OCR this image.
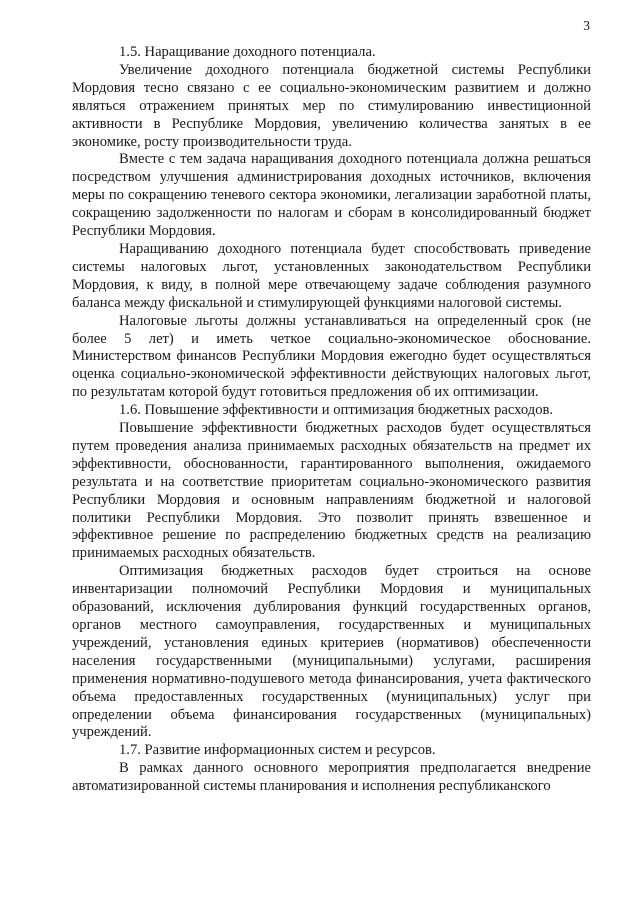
3

1.5. Наращивание доходного потенциала.

Увеличение доходного потенциала бюджетной системы Республики Мордовия тесно связано с ее социально-экономическим развитием и должно являться отражением принятых мер по стимулированию инвестиционной активности в Республике Мордовия, увеличению количества занятых в ее экономике, росту производительности труда.

Вместе с тем задача наращивания доходного потенциала должна решаться посредством улучшения администрирования доходных источников, включения меры по сокращению теневого сектора экономики, легализации заработной платы, сокращению задолженности по налогам и сборам в консолидированный бюджет Республики Мордовия.

Наращиванию доходного потенциала будет способствовать приведение системы налоговых льгот, установленных законодательством Республики Мордовия, к виду, в полной мере отвечающему задаче соблюдения разумного баланса между фискальной и стимулирующей функциями налоговой системы.

Налоговые льготы должны устанавливаться на определенный срок (не более 5 лет) и иметь четкое социально-экономическое обоснование. Министерством финансов Республики Мордовия ежегодно будет осуществляться оценка социально-экономической эффективности действующих налоговых льгот, по результатам которой будут готовиться предложения об их оптимизации.

1.6. Повышение эффективности и оптимизация бюджетных расходов.

Повышение эффективности бюджетных расходов будет осуществляться путем проведения анализа принимаемых расходных обязательств на предмет их эффективности, обоснованности, гарантированного выполнения, ожидаемого результата и на соответствие приоритетам социально-экономического развития Республики Мордовия и основным направлениям бюджетной и налоговой политики Республики Мордовия. Это позволит принять взвешенное и эффективное решение по распределению бюджетных средств на реализацию принимаемых расходных обязательств.

Оптимизация бюджетных расходов будет строиться на основе инвентаризации полномочий Республики Мордовия и муниципальных образований, исключения дублирования функций государственных органов, органов местного самоуправления, государственных и муниципальных учреждений, установления единых критериев (нормативов) обеспеченности населения государственными (муниципальными) услугами, расширения применения нормативно-подушевого метода финансирования, учета фактического объема предоставленных государственных (муниципальных) услуг при определении объема финансирования государственных (муниципальных) учреждений.

1.7. Развитие информационных систем и ресурсов.

В рамках данного основного мероприятия предполагается внедрение автоматизированной системы планирования и исполнения республиканского
